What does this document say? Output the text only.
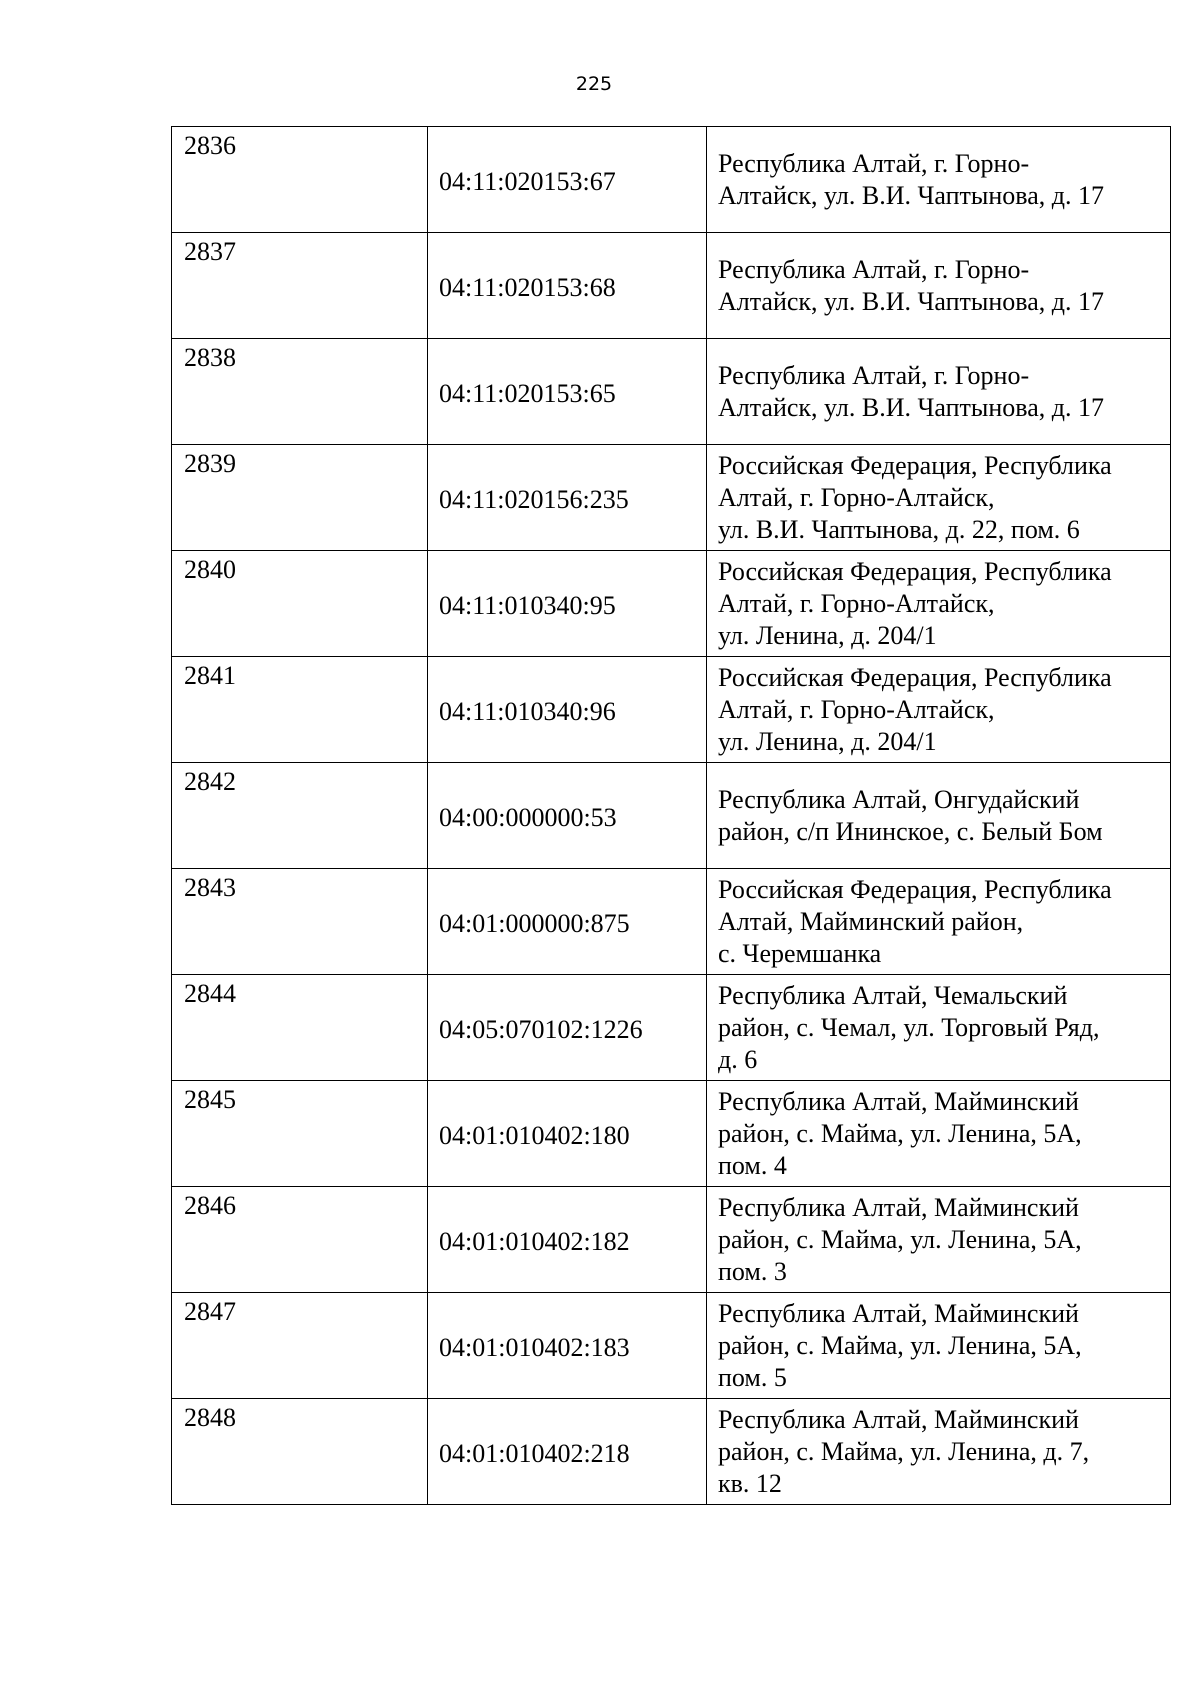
225
2836	04:11:020153:67	Республика Алтай, г. Горно-
Алтайск, ул. В.И. Чаптынова, д. 17

2837	04:11:020153:68	Республика Алтай, г. Горно-
Алтайск, ул. В.И. Чаптынова, д. 17

2838	04:11:020153:65	Республика Алтай, г. Горно-
Алтайск, ул. В.И. Чаптынова, д. 17

2839	04:11:020156:235	Российская Федерация, Республика
Алтай, г. Горно-Алтайск,
ул. В.И. Чаптынова, д. 22, пом. 6

2840	04:11:010340:95	Российская Федерация, Республика
Алтай, г. Горно-Алтайск,
ул. Ленина, д. 204/1

2841	04:11:010340:96	Российская Федерация, Республика
Алтай, г. Горно-Алтайск,
ул. Ленина, д. 204/1

2842	04:00:000000:53	Республика Алтай, Онгудайский
район, с/п Ининское, с. Белый Бом

2843	04:01:000000:875	Российская Федерация, Республика
Алтай, Майминский район,
с. Черемшанка

2844	04:05:070102:1226	Республика Алтай, Чемальский
район, с. Чемал, ул. Торговый Ряд,
д. 6

2845	04:01:010402:180	Республика Алтай, Майминский
район, с. Майма, ул. Ленина, 5А,
пом. 4

2846	04:01:010402:182	Республика Алтай, Майминский
район, с. Майма, ул. Ленина, 5А,
пом. 3

2847	04:01:010402:183	Республика Алтай, Майминский
район, с. Майма, ул. Ленина, 5А,
пом. 5

2848	04:01:010402:218	Республика Алтай, Майминский
район, с. Майма, ул. Ленина, д. 7,
кв. 12
